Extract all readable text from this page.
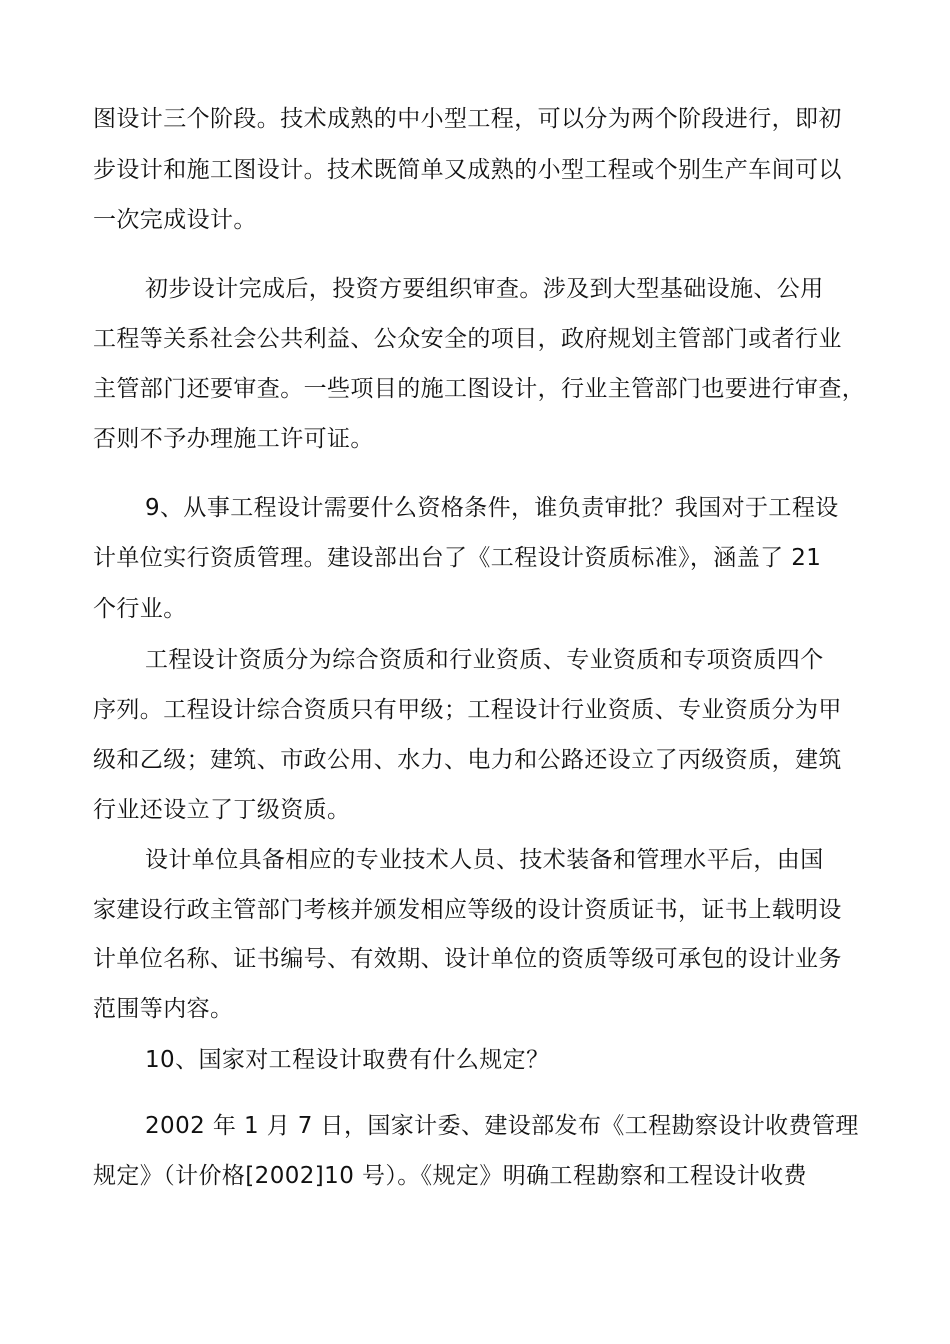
图设计三个阶段。技术成熟的中小型工程，可以分为两个阶段进行，即初
步设计和施工图设计。技术既简单又成熟的小型工程或个别生产车间可以
一次完成设计。
初步设计完成后，投资方要组织审查。涉及到大型基础设施、公用
工程等关系社会公共利益、公众安全的项目，政府规划主管部门或者行业
主管部门还要审查。一些项目的施工图设计，行业主管部门也要进行审查，
否则不予办理施工许可证。
9、从事工程设计需要什么资格条件，谁负责审批？我国对于工程设
计单位实行资质管理。建设部出台了《工程设计资质标准》，涵盖了 21
个行业。
工程设计资质分为综合资质和行业资质、专业资质和专项资质四个
序列。工程设计综合资质只有甲级；工程设计行业资质、专业资质分为甲
级和乙级；建筑、市政公用、水力、电力和公路还设立了丙级资质，建筑
行业还设立了丁级资质。
设计单位具备相应的专业技术人员、技术装备和管理水平后，由国
家建设行政主管部门考核并颁发相应等级的设计资质证书，证书上载明设
计单位名称、证书编号、有效期、设计单位的资质等级可承包的设计业务
范围等内容。
10、国家对工程设计取费有什么规定？
2002 年 1 月 7 日，国家计委、建设部发布《工程勘察设计收费管理
规定》（计价格[2002]10 号）。《规定》明确工程勘察和工程设计收费
